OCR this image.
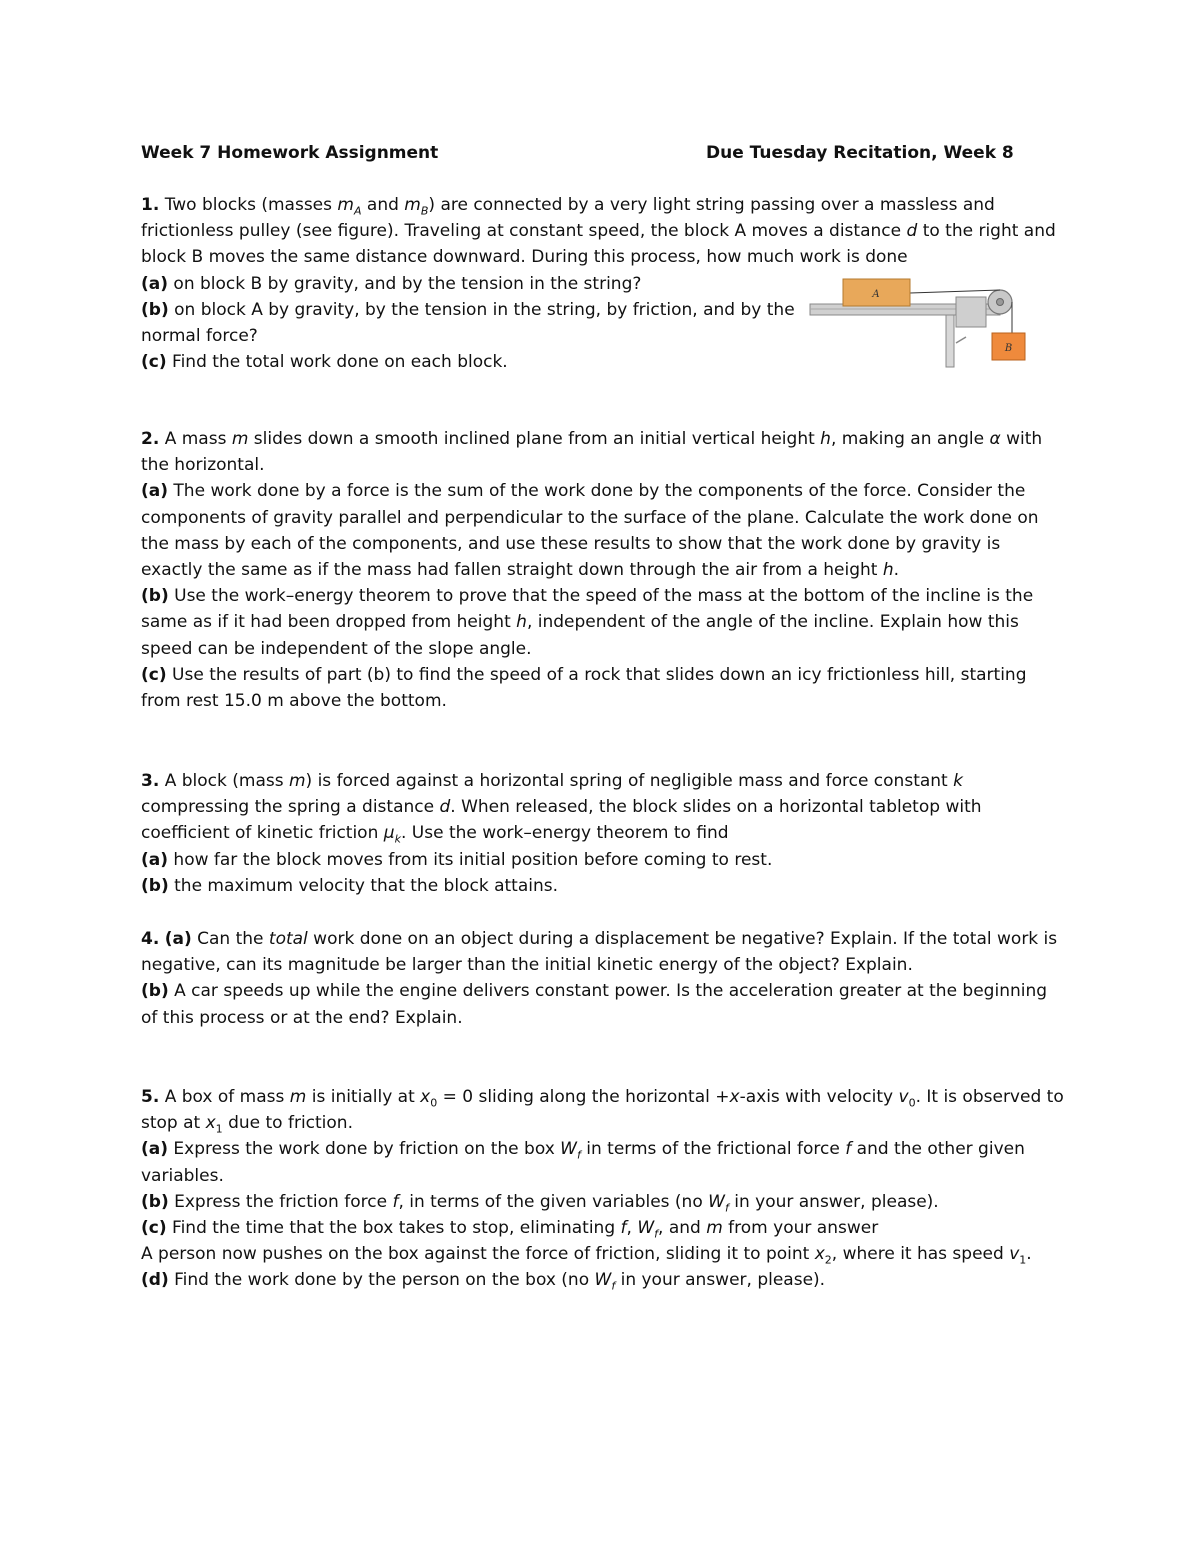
Week 7 Homework Assignment	Due Tuesday Recitation, Week 8
1. Two blocks (masses $m_A$ and $m_B$) are connected by a very light string passing over a massless and frictionless pulley (see figure). Traveling at constant speed, the block A moves a distance d to the right and block B moves the same distance downward. During this process, how much work is done
(a) on block B by gravity, and by the tension in the string?
(b) on block A by gravity, by the tension in the string, by friction, and by the normal force?
(c) Find the total work done on each block.
A
B
2. A mass m slides down a smooth inclined plane from an initial vertical height h, making an angle α with the horizontal.
(a) The work done by a force is the sum of the work done by the components of the force. Consider the components of gravity parallel and perpendicular to the surface of the plane. Calculate the work done on the mass by each of the components, and use these results to show that the work done by gravity is exactly the same as if the mass had fallen straight down through the air from a height h.
(b) Use the work–energy theorem to prove that the speed of the mass at the bottom of the incline is the same as if it had been dropped from height h, independent of the angle of the incline. Explain how this speed can be independent of the slope angle.
(c) Use the results of part (b) to find the speed of a rock that slides down an icy frictionless hill, starting from rest 15.0 m above the bottom.
3. A block (mass m) is forced against a horizontal spring of negligible mass and force constant k compressing the spring a distance d. When released, the block slides on a horizontal tabletop with coefficient of kinetic friction $\mu_k$. Use the work–energy theorem to find
(a) how far the block moves from its initial position before coming to rest.
(b) the maximum velocity that the block attains.
4. (a) Can the total work done on an object during a displacement be negative? Explain. If the total work is negative, can its magnitude be larger than the initial kinetic energy of the object? Explain.
(b) A car speeds up while the engine delivers constant power. Is the acceleration greater at the beginning of this process or at the end? Explain.
5. A box of mass m is initially at $x_0 = 0$ sliding along the horizontal +x-axis with velocity $v_0$. It is observed to stop at $x_1$ due to friction.
(a) Express the work done by friction on the box $W_f$ in terms of the frictional force f and the other given variables.
(b) Express the friction force f, in terms of the given variables (no $W_f$ in your answer, please).
(c) Find the time that the box takes to stop, eliminating f, $W_f$, and m from your answer
A person now pushes on the box against the force of friction, sliding it to point $x_2$, where it has speed $v_1$.
(d) Find the work done by the person on the box (no $W_f$ in your answer, please).
